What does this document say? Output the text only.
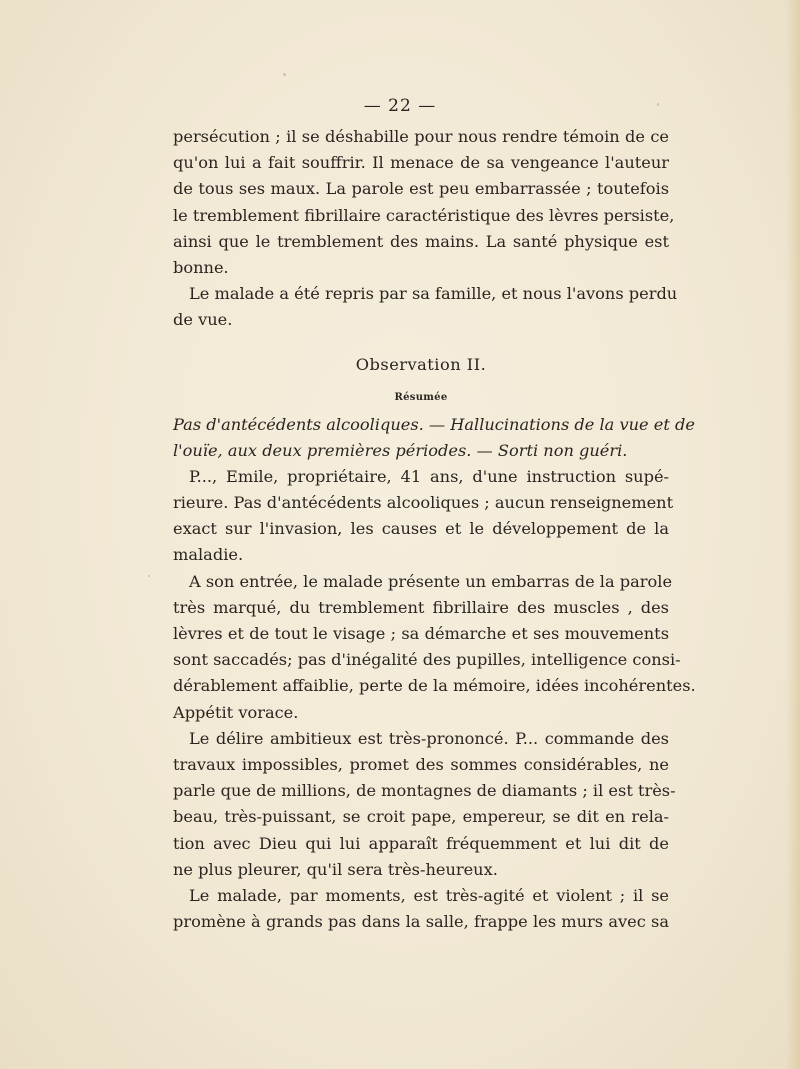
— 22 —
persécution ; il se déshabille pour nous rendre témoin de ce
qu'on lui a fait souffrir. Il menace de sa vengeance l'auteur
de tous ses maux. La parole est peu embarrassée ; toutefois
le tremblement fibrillaire caractéristique des lèvres persiste,
ainsi que le tremblement des mains. La santé physique est
bonne.
Le malade a été repris par sa famille, et nous l'avons perdu
de vue.
Observation II.
Résumée
Pas d'antécédents alcooliques. — Hallucinations de la vue et de
l'ouïe, aux deux premières périodes. — Sorti non guéri.
P..., Emile, propriétaire, 41 ans, d'une instruction supé-
rieure. Pas d'antécédents alcooliques ; aucun renseignement
exact sur l'invasion, les causes et le développement de la
maladie.
A son entrée, le malade présente un embarras de la parole
très marqué, du tremblement fibrillaire des muscles , des
lèvres et de tout le visage ; sa démarche et ses mouvements
sont saccadés; pas d'inégalité des pupilles, intelligence consi-
dérablement affaiblie, perte de la mémoire, idées incohérentes.
Appétit vorace.
Le délire ambitieux est très-prononcé. P... commande des
travaux impossibles, promet des sommes considérables, ne
parle que de millions, de montagnes de diamants ; il est très-
beau, très-puissant, se croit pape, empereur, se dit en rela-
tion avec Dieu qui lui apparaît fréquemment et lui dit de
ne plus pleurer, qu'il sera très-heureux.
Le malade, par moments, est très-agité et violent ; il se
promène à grands pas dans la salle, frappe les murs avec sa
